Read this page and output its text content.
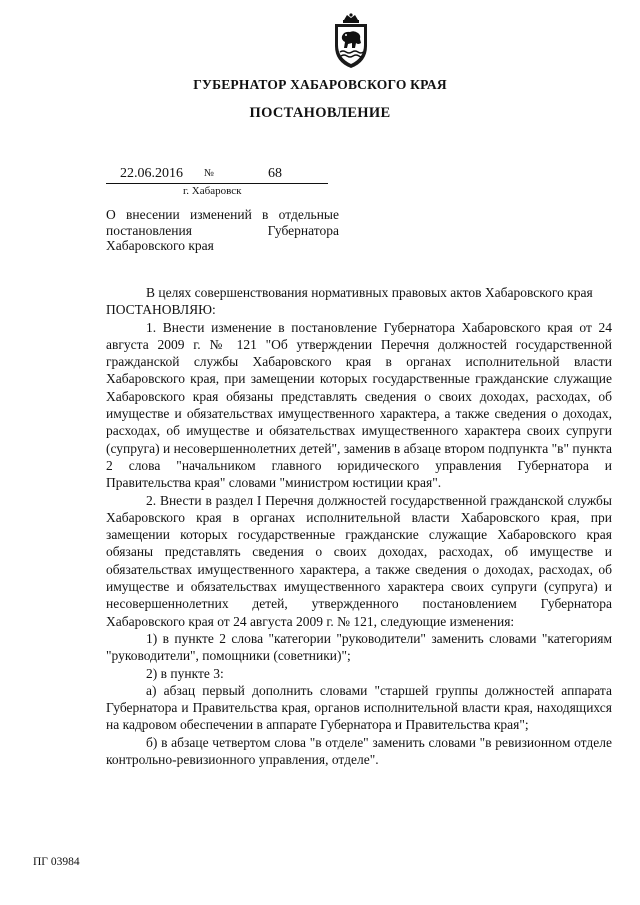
ГУБЕРНАТОР ХАБАРОВСКОГО КРАЯ
ПОСТАНОВЛЕНИЕ
22.06.2016 №	68
г. Хабаровск

О внесении изменений в отдельные постановления Губернатора Хабаровского края

В целях совершенствования нормативных правовых актов Хабаровского края

ПОСТАНОВЛЯЮ:

1. Внести изменение в постановление Губернатора Хабаровского края от 24 августа 2009 г. № 121 "Об утверждении Перечня должностей государственной гражданской службы Хабаровского края в органах исполнительной власти Хабаровского края, при замещении которых государственные гражданские служащие Хабаровского края обязаны представлять сведения о своих доходах, расходах, об имуществе и обязательствах имущественного характера, а также сведения о доходах, расходах, об имуществе и обязательствах имущественного характера своих супруги (супруга) и несовершеннолетних детей", заменив в абзаце втором подпункта "в" пункта 2 слова "начальником главного юридического управления Губернатора и Правительства края" словами "министром юстиции края".

2. Внести в раздел I Перечня должностей государственной гражданской службы Хабаровского края в органах исполнительной власти Хабаровского края, при замещении которых государственные гражданские служащие Хабаровского края обязаны представлять сведения о своих доходах, расходах, об имуществе и обязательствах имущественного характера, а также сведения о доходах, расходах, об имуществе и обязательствах имущественного характера своих супруги (супруга) и несовершеннолетних детей, утвержденного постановлением Губернатора Хабаровского края от 24 августа 2009 г. № 121, следующие изменения:

1) в пункте 2 слова "категории "руководители" заменить словами "категориям "руководители", помощники (советники)";

2) в пункте 3:

а) абзац первый дополнить словами "старшей группы должностей аппарата Губернатора и Правительства края, органов исполнительной власти края, находящихся на кадровом обеспечении в аппарате Губернатора и Правительства края";

б) в абзаце четвертом слова "в отделе" заменить словами "в ревизионном отделе контрольно-ревизионного управления, отделе".

ПГ 03984
